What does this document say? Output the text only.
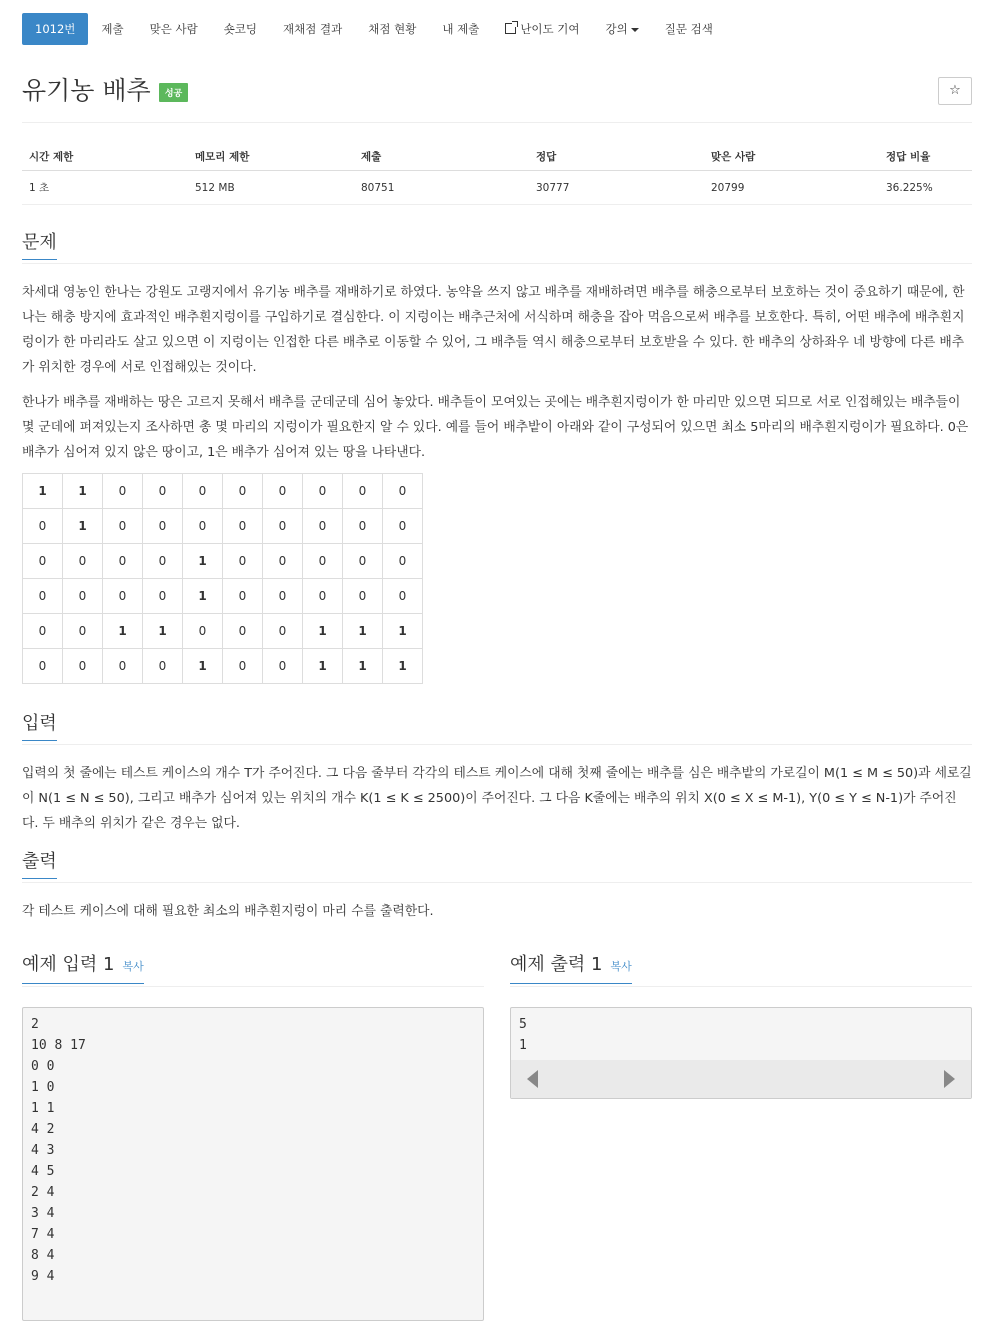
1012번	제출	맞은 사람	숏코딩	재채점 결과	채점 현황	내 제출	난이도 기여	강의	질문 검색
유기농 배추 성공	☆
시간 제한	메모리 제한	제출	정답	맞은 사람	정답 비율
1 초	512 MB	80751	30777	20799	36.225%
문제

차세대 영농인 한나는 강원도 고랭지에서 유기농 배추를 재배하기로 하였다. 농약을 쓰지 않고 배추를 재배하려면 배추를 해충으로부터 보호하는 것이 중요하기 때문에, 한나는 해충 방지에 효과적인 배추흰지렁이를 구입하기로 결심한다. 이 지렁이는 배추근처에 서식하며 해충을 잡아 먹음으로써 배추를 보호한다. 특히, 어떤 배추에 배추흰지렁이가 한 마리라도 살고 있으면 이 지렁이는 인접한 다른 배추로 이동할 수 있어, 그 배추들 역시 해충으로부터 보호받을 수 있다. 한 배추의 상하좌우 네 방향에 다른 배추가 위치한 경우에 서로 인접해있는 것이다.

한나가 배추를 재배하는 땅은 고르지 못해서 배추를 군데군데 심어 놓았다. 배추들이 모여있는 곳에는 배추흰지렁이가 한 마리만 있으면 되므로 서로 인접해있는 배추들이 몇 군데에 퍼져있는지 조사하면 총 몇 마리의 지렁이가 필요한지 알 수 있다. 예를 들어 배추밭이 아래와 같이 구성되어 있으면 최소 5마리의 배추흰지렁이가 필요하다. 0은 배추가 심어져 있지 않은 땅이고, 1은 배추가 심어져 있는 땅을 나타낸다.

1	1	0	0	0	0	0	0	0	0
0	1	0	0	0	0	0	0	0	0
0	0	0	0	1	0	0	0	0	0
0	0	0	0	1	0	0	0	0	0
0	0	1	1	0	0	0	1	1	1
0	0	0	0	1	0	0	1	1	1
입력

입력의 첫 줄에는 테스트 케이스의 개수 T가 주어진다. 그 다음 줄부터 각각의 테스트 케이스에 대해 첫째 줄에는 배추를 심은 배추밭의 가로길이 M(1 ≤ M ≤ 50)과 세로길이 N(1 ≤ N ≤ 50), 그리고 배추가 심어져 있는 위치의 개수 K(1 ≤ K ≤ 2500)이 주어진다. 그 다음 K줄에는 배추의 위치 X(0 ≤ X ≤ M-1), Y(0 ≤ Y ≤ N-1)가 주어진다. 두 배추의 위치가 같은 경우는 없다.

출력

각 테스트 케이스에 대해 필요한 최소의 배추흰지렁이 마리 수를 출력한다.

예제 입력 1 복사
2
10 8 17
0 0
1 0
1 1
4 2
4 3
4 5
2 4
3 4
7 4
8 4
9 4
예제 출력 1 복사
5
1
